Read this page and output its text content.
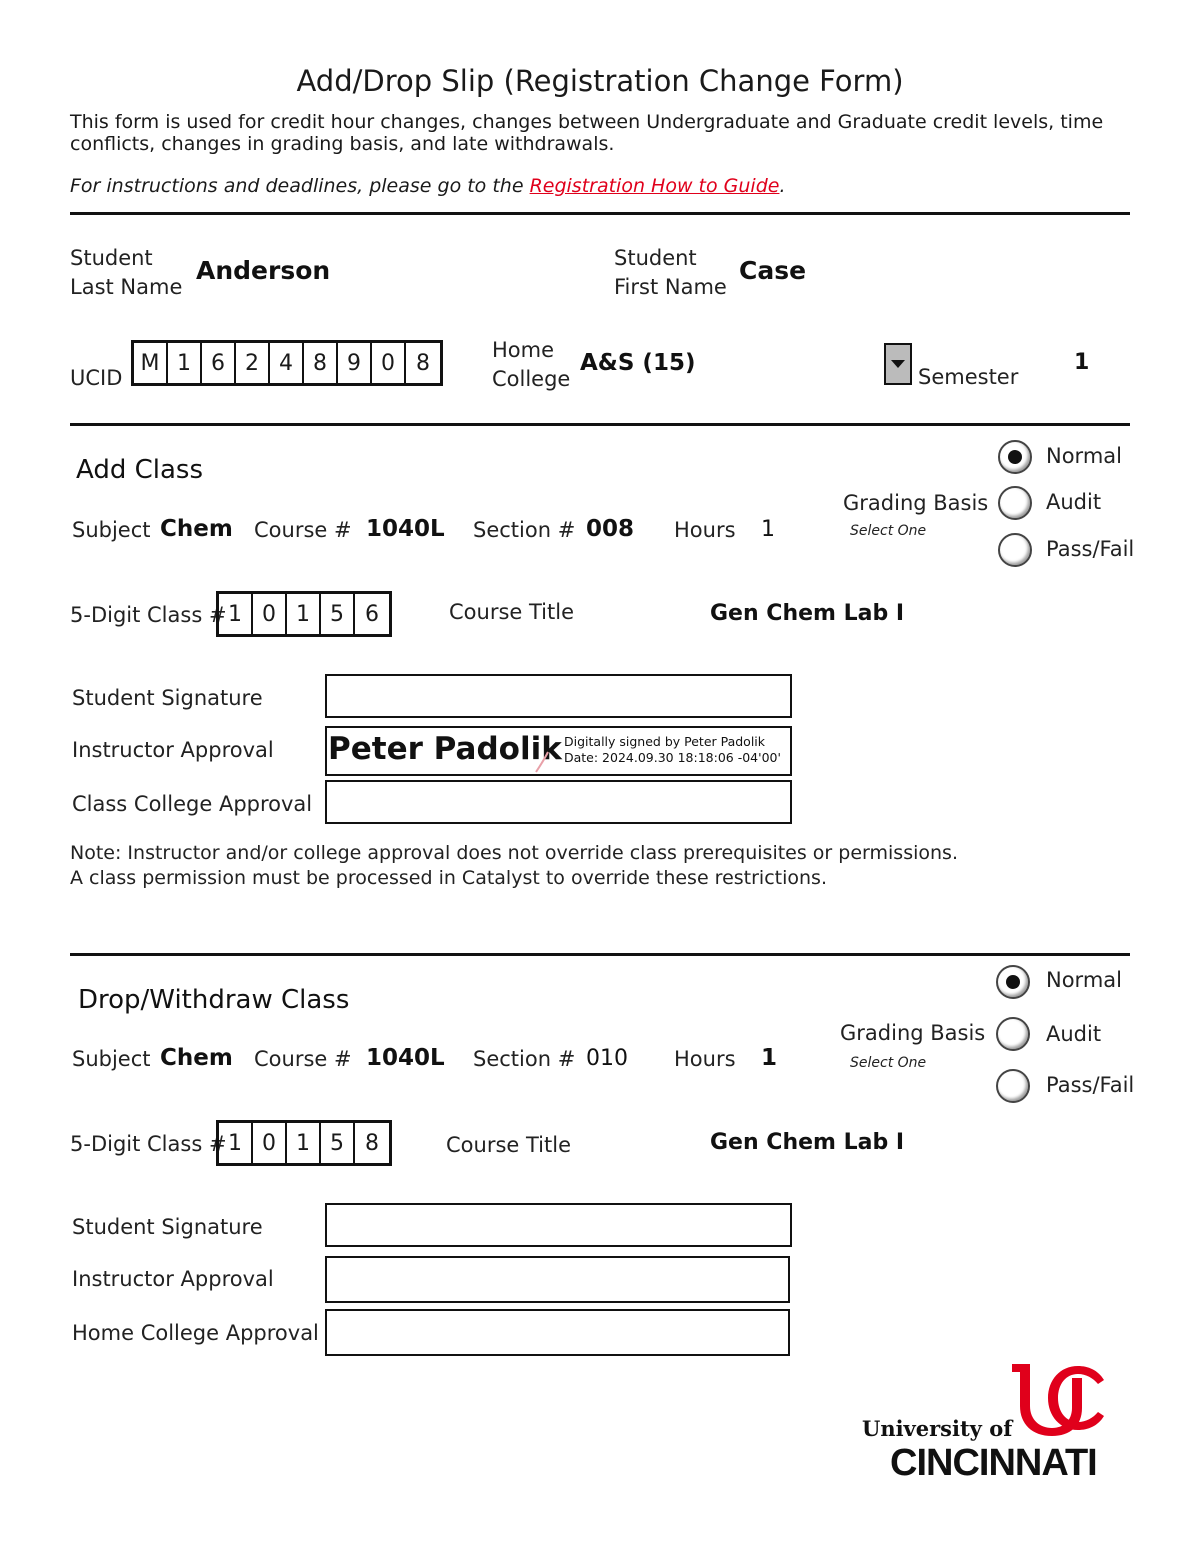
Add/Drop Slip (Registration Change Form)
This form is used for credit hour changes, changes between Undergraduate and Graduate credit levels, time conflicts, changes in grading basis, and late withdrawals.
For instructions and deadlines, please go to the Registration How to Guide.
Student
Last Name
Anderson	Student
First Name
Case
UCID
M 1 6 2 4 8 9 0 8
Home
College
A&S (15)
Semester
1
Add Class
Subject Chem Course # 1040L Section # 008 Hours 1
Grading Basis
Select One
Normal
Audit
Pass/Fail
5-Digit Class # 1 0 1 5 6	Course Title	Gen Chem Lab I
Student Signature
Instructor Approval Peter Padolik Digitally signed by Peter Padolik
Date: 2024.09.30 18:18:06 -04'00'
Class College Approval
Note: Instructor and/or college approval does not override class prerequisites or permissions.
A class permission must be processed in Catalyst to override these restrictions.
Drop/Withdraw Class
Subject Chem Course # 1040L Section # 010 Hours 1
Grading Basis
Select One
Normal
Audit
Pass/Fail
5-Digit Class # 1 0 1 5 8	Course Title	Gen Chem Lab I
Student Signature
Instructor Approval
Home College Approval
University of
CINCINNATI
